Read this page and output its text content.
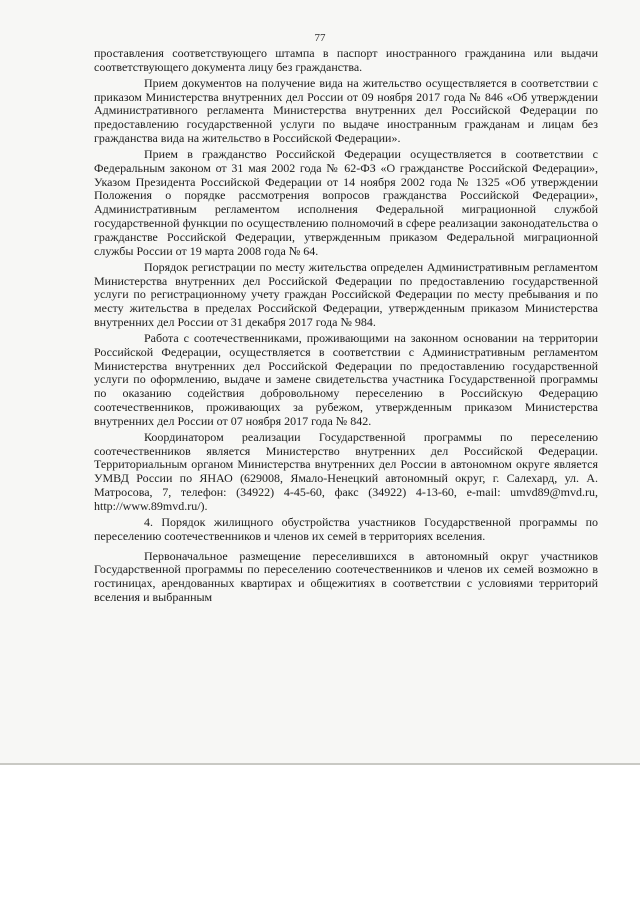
77

проставления соответствующего штампа в паспорт иностранного гражданина или выдачи соответствующего документа лицу без гражданства.

Прием документов на получение вида на жительство осуществляется в соответствии с приказом Министерства внутренних дел России от 09 ноября 2017 года № 846 «Об утверждении Административного регламента Министерства внутренних дел Российской Федерации по предоставлению государственной услуги по выдаче иностранным гражданам и лицам без гражданства вида на жительство в Российской Федерации».

Прием в гражданство Российской Федерации осуществляется в соответствии с Федеральным законом от 31 мая 2002 года № 62-ФЗ «О гражданстве Российской Федерации», Указом Президента Российской Федерации от 14 ноября 2002 года № 1325 «Об утверждении Положения о порядке рассмотрения вопросов гражданства Российской Федерации», Административным регламентом исполнения Федеральной миграционной службой государственной функции по осуществлению полномочий в сфере реализации законодательства о гражданстве Российской Федерации, утвержденным приказом Федеральной миграционной службы России от 19 марта 2008 года № 64.

Порядок регистрации по месту жительства определен Административным регламентом Министерства внутренних дел Российской Федерации по предоставлению государственной услуги по регистрационному учету граждан Российской Федерации по месту пребывания и по месту жительства в пределах Российской Федерации, утвержденным приказом Министерства внутренних дел России от 31 декабря 2017 года № 984.

Работа с соотечественниками, проживающими на законном основании на территории Российской Федерации, осуществляется в соответствии с Административным регламентом Министерства внутренних дел Российской Федерации по предоставлению государственной услуги по оформлению, выдаче и замене свидетельства участника Государственной программы по оказанию содействия добровольному переселению в Российскую Федерацию соотечественников, проживающих за рубежом, утвержденным приказом Министерства внутренних дел России от 07 ноября 2017 года № 842.

Координатором реализации Государственной программы по переселению соотечественников является Министерство внутренних дел Российской Федерации. Территориальным органом Министерства внутренних дел России в автономном округе является УМВД России по ЯНАО (629008, Ямало-Ненецкий автономный округ, г. Салехард, ул. А. Матросова, 7, телефон: (34922) 4-45-60, факс (34922) 4-13-60, e-mail: umvd89@mvd.ru, http://www.89mvd.ru/).

4. Порядок жилищного обустройства участников Государственной программы по переселению соотечественников и членов их семей в территориях вселения.

Первоначальное размещение переселившихся в автономный округ участников Государственной программы по переселению соотечественников и членов их семей возможно в гостиницах, арендованных квартирах и общежитиях в соответствии с условиями территорий вселения и выбранным
